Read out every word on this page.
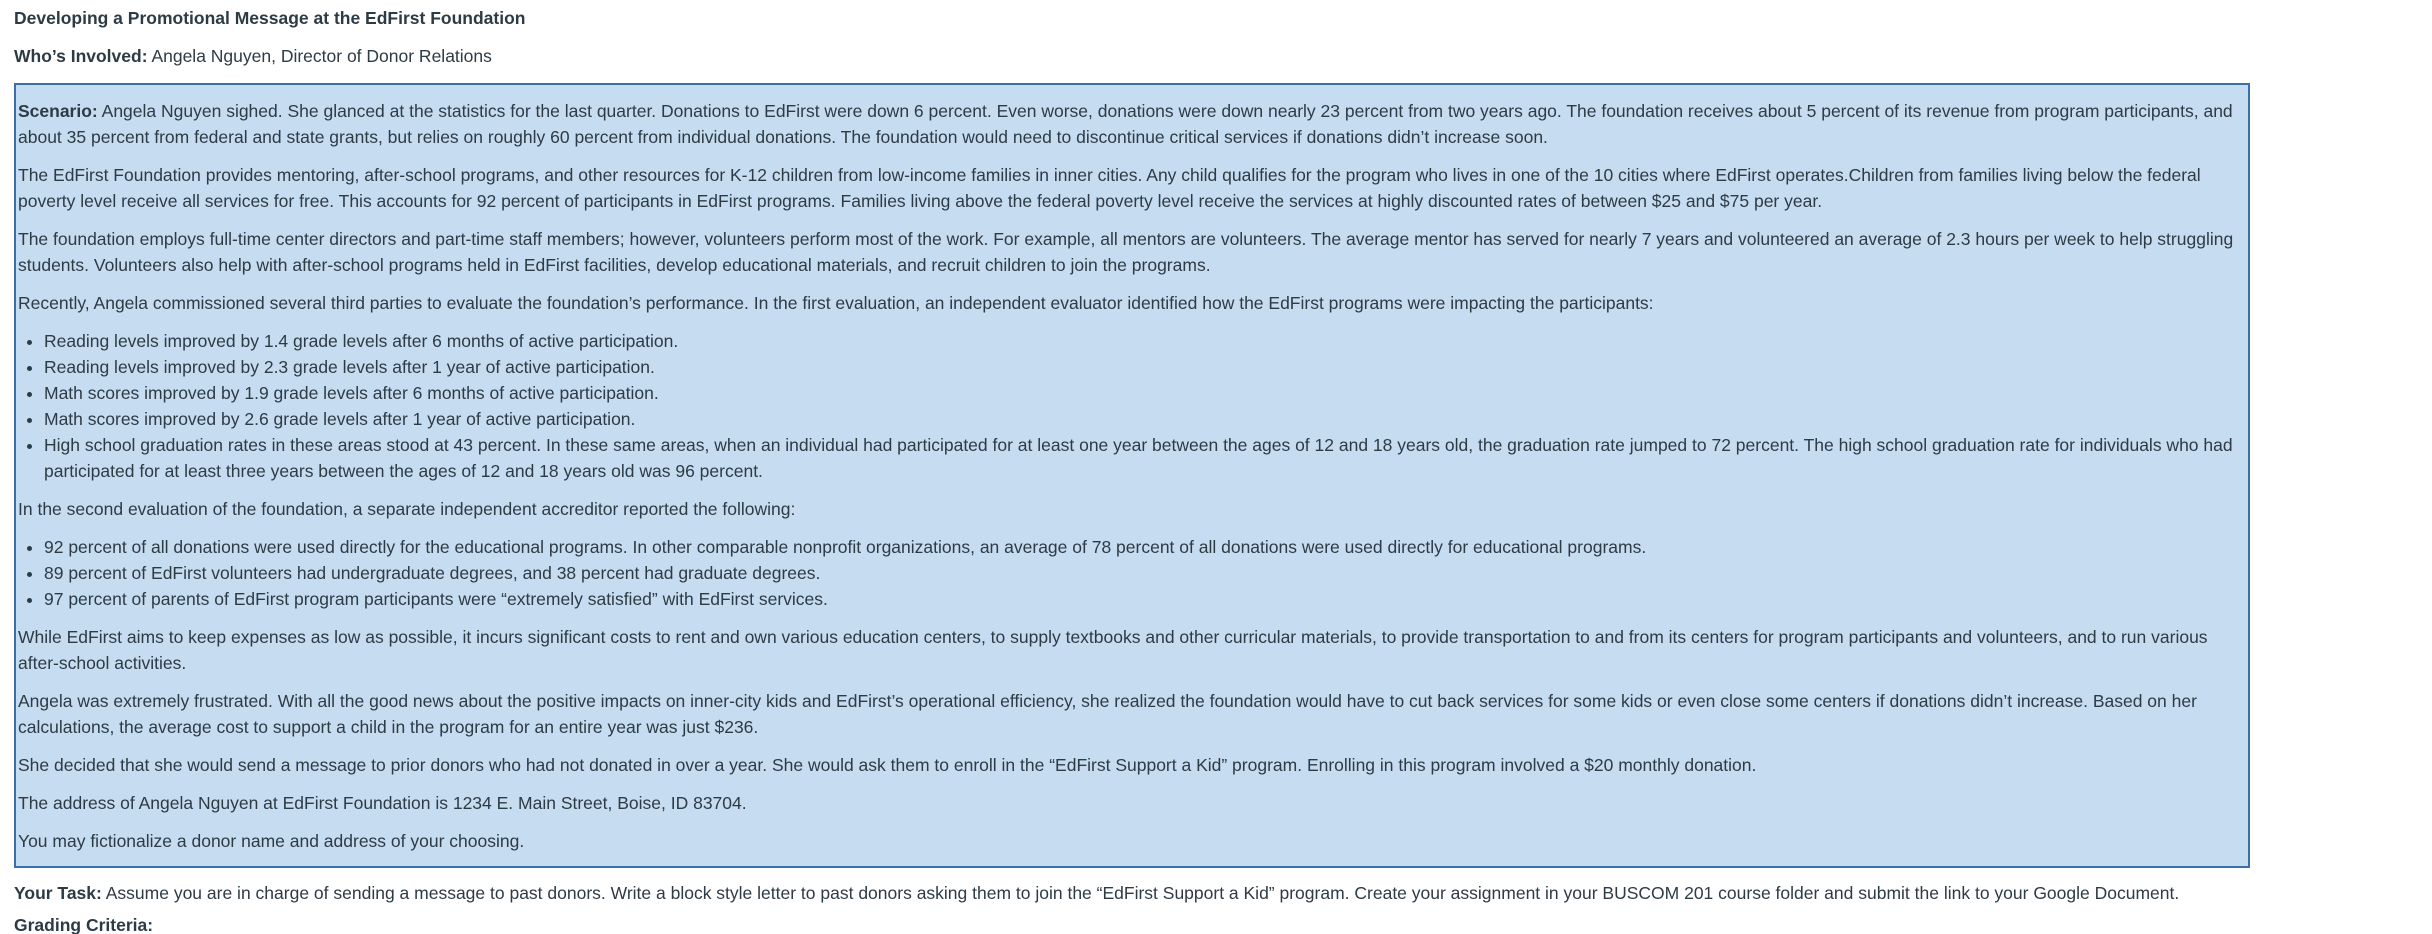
Developing a Promotional Message at the EdFirst Foundation

Who’s Involved: Angela Nguyen, Director of Donor Relations

Scenario: Angela Nguyen sighed. She glanced at the statistics for the last quarter. Donations to EdFirst were down 6 percent. Even worse, donations were down nearly 23 percent from two years ago. The foundation receives about 5 percent of its revenue from program participants, and about 35 percent from federal and state grants, but relies on roughly 60 percent from individual donations. The foundation would need to discontinue critical services if donations didn’t increase soon.

The EdFirst Foundation provides mentoring, after-school programs, and other resources for K-12 children from low-income families in inner cities. Any child qualifies for the program who lives in one of the 10 cities where EdFirst operates.Children from families living below the federal poverty level receive all services for free. This accounts for 92 percent of participants in EdFirst programs. Families living above the federal poverty level receive the services at highly discounted rates of between $25 and $75 per year.

The foundation employs full-time center directors and part-time staff members; however, volunteers perform most of the work. For example, all mentors are volunteers. The average mentor has served for nearly 7 years and volunteered an average of 2.3 hours per week to help struggling students. Volunteers also help with after-school programs held in EdFirst facilities, develop educational materials, and recruit children to join the programs.

Recently, Angela commissioned several third parties to evaluate the foundation’s performance. In the first evaluation, an independent evaluator identified how the EdFirst programs were impacting the participants:

• Reading levels improved by 1.4 grade levels after 6 months of active participation.
• Reading levels improved by 2.3 grade levels after 1 year of active participation.
• Math scores improved by 1.9 grade levels after 6 months of active participation.
• Math scores improved by 2.6 grade levels after 1 year of active participation.
• High school graduation rates in these areas stood at 43 percent. In these same areas, when an individual had participated for at least one year between the ages of 12 and 18 years old, the graduation rate jumped to 72 percent. The high school graduation rate for individuals who had participated for at least three years between the ages of 12 and 18 years old was 96 percent.

In the second evaluation of the foundation, a separate independent accreditor reported the following:

• 92 percent of all donations were used directly for the educational programs. In other comparable nonprofit organizations, an average of 78 percent of all donations were used directly for educational programs.
• 89 percent of EdFirst volunteers had undergraduate degrees, and 38 percent had graduate degrees.
• 97 percent of parents of EdFirst program participants were “extremely satisfied” with EdFirst services.

While EdFirst aims to keep expenses as low as possible, it incurs significant costs to rent and own various education centers, to supply textbooks and other curricular materials, to provide transportation to and from its centers for program participants and volunteers, and to run various after-school activities.

Angela was extremely frustrated. With all the good news about the positive impacts on inner-city kids and EdFirst’s operational efficiency, she realized the foundation would have to cut back services for some kids or even close some centers if donations didn’t increase. Based on her calculations, the average cost to support a child in the program for an entire year was just $236.

She decided that she would send a message to prior donors who had not donated in over a year. She would ask them to enroll in the “EdFirst Support a Kid” program. Enrolling in this program involved a $20 monthly donation.

The address of Angela Nguyen at EdFirst Foundation is 1234 E. Main Street, Boise, ID 83704.

You may fictionalize a donor name and address of your choosing.

Your Task: Assume you are in charge of sending a message to past donors. Write a block style letter to past donors asking them to join the “EdFirst Support a Kid” program. Create your assignment in your BUSCOM 201 course folder and submit the link to your Google Document.

Grading Criteria:
